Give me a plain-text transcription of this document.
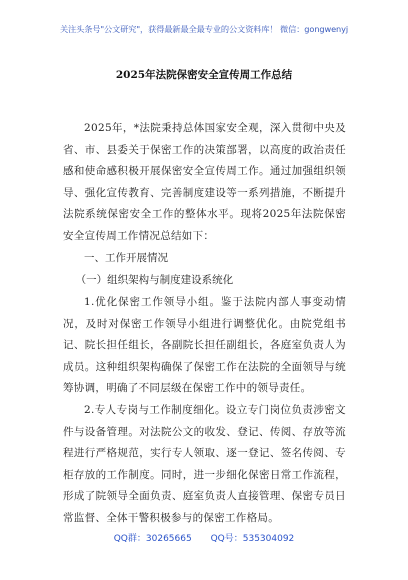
关注头条号"公文研究"，获得最新最全最专业的公文资料库！ 微信：gongwenyj
2025年法院保密安全宣传周工作总结

2025年，*法院秉持总体国家安全观，深入贯彻中央及省、市、县委关于保密工作的决策部署，以高度的政治责任感和使命感积极开展保密安全宣传周工作。通过加强组织领导、强化宣传教育、完善制度建设等一系列措施，不断提升法院系统保密安全工作的整体水平。现将2025年法院保密安全宣传周工作情况总结如下：

一、工作开展情况

（一）组织架构与制度建设系统化

1.优化保密工作领导小组。鉴于法院内部人事变动情况，及时对保密工作领导小组进行调整优化。由院党组书记、院长担任组长，各副院长担任副组长，各庭室负责人为成员。这种组织架构确保了保密工作在法院的全面领导与统筹协调，明确了不同层级在保密工作中的领导责任。

2.专人专岗与工作制度细化。设立专门岗位负责涉密文件与设备管理。对法院公文的收发、登记、传阅、存放等流程进行严格规范，实行专人领取、逐一登记、签名传阅、专柜存放的工作制度。同时，进一步细化保密日常工作流程，形成了院领导全面负责、庭室负责人直接管理、保密专员日常监督、全体干警积极参与的保密工作格局。

QQ群：30265665 QQ号：535304092
